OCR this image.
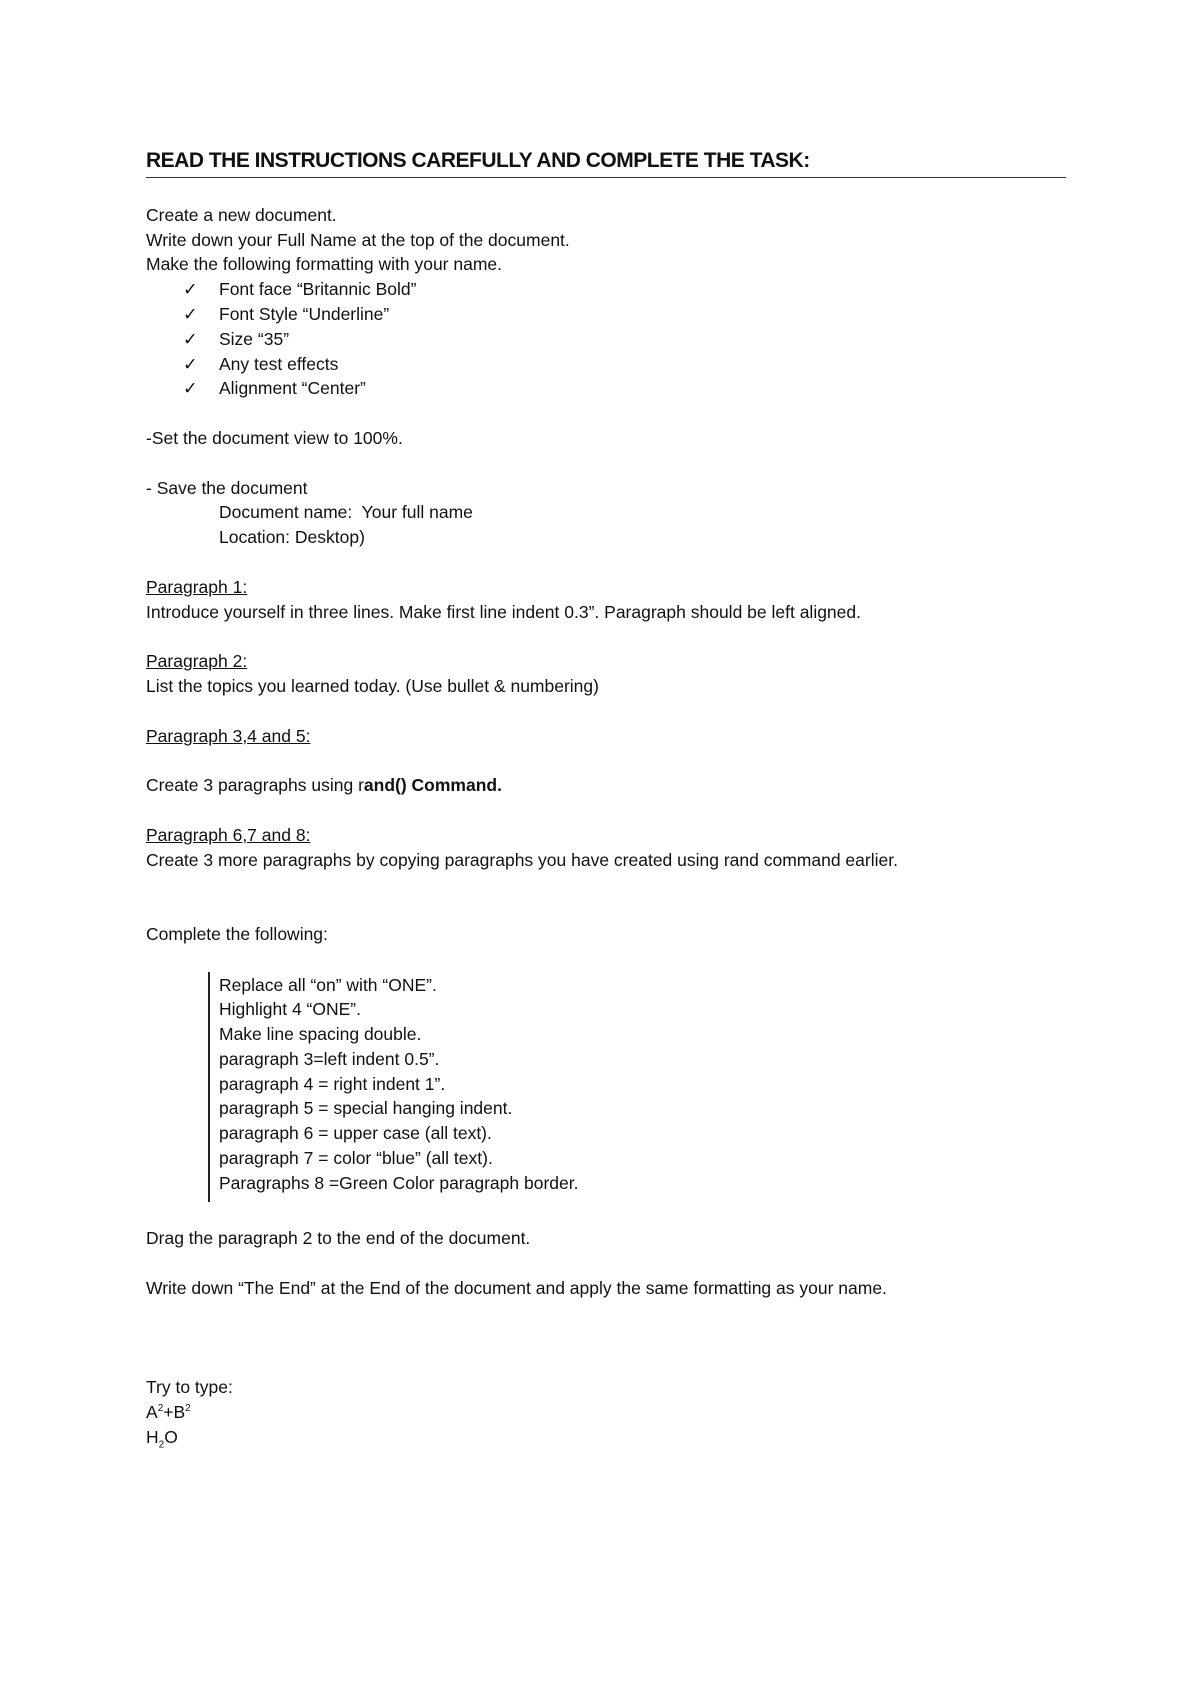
READ THE INSTRUCTIONS CAREFULLY AND COMPLETE THE TASK:
Create a new document.
Write down your Full Name at the top of the document.
Make the following formatting with your name.
✓	Font face “Britannic Bold”
✓	Font Style “Underline”
✓	Size “35”
✓	Any test effects
✓	Alignment “Center”
-Set the document view to 100%.
- Save the document
Document name:  Your full name
Location: Desktop)
Paragraph 1:
Introduce yourself in three lines. Make first line indent 0.3”. Paragraph should be left aligned.
Paragraph 2:
List the topics you learned today. (Use bullet & numbering)
Paragraph 3,4 and 5:
Create 3 paragraphs using rand() Command.
Paragraph 6,7 and 8:
Create 3 more paragraphs by copying paragraphs you have created using rand command earlier.
Complete the following:
Replace all “on” with “ONE”.
Highlight 4 “ONE”.
Make line spacing double.
paragraph 3=left indent 0.5”.
paragraph 4 = right indent 1”.
paragraph 5 = special hanging indent.
paragraph 6 = upper case (all text).
paragraph 7 = color “blue” (all text).
Paragraphs 8 =Green Color paragraph border.
Drag the paragraph 2 to the end of the document.
Write down “The End” at the End of the document and apply the same formatting as your name.
Try to type:
$A^2+B^2$
$H_2O$
